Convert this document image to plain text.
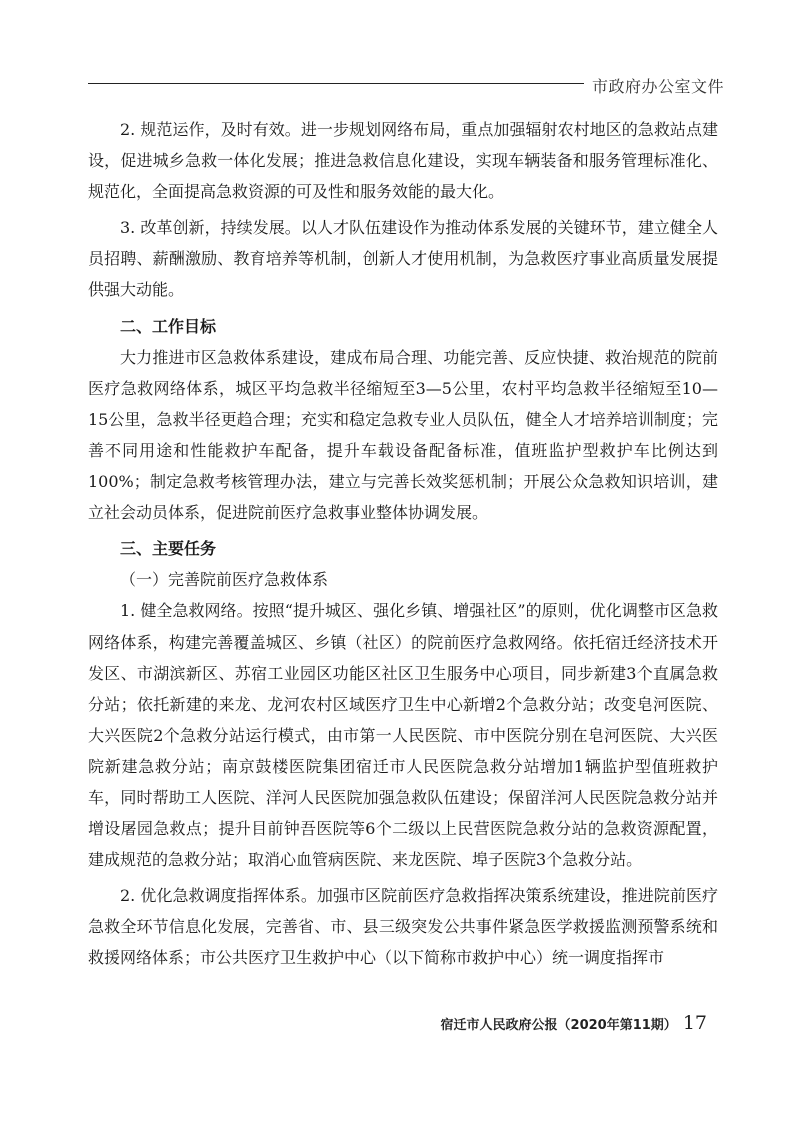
市政府办公室文件

2. 规范运作，及时有效。进一步规划网络布局，重点加强辐射农村地区的急救站点建设，促进城乡急救一体化发展；推进急救信息化建设，实现车辆装备和服务管理标准化、规范化，全面提高急救资源的可及性和服务效能的最大化。

3. 改革创新，持续发展。以人才队伍建设作为推动体系发展的关键环节，建立健全人员招聘、薪酬激励、教育培养等机制，创新人才使用机制，为急救医疗事业高质量发展提供强大动能。

二、工作目标

大力推进市区急救体系建设，建成布局合理、功能完善、反应快捷、救治规范的院前医疗急救网络体系，城区平均急救半径缩短至3—5公里，农村平均急救半径缩短至10—15公里，急救半径更趋合理；充实和稳定急救专业人员队伍，健全人才培养培训制度；完善不同用途和性能救护车配备，提升车载设备配备标准，值班监护型救护车比例达到100%；制定急救考核管理办法，建立与完善长效奖惩机制；开展公众急救知识培训，建立社会动员体系，促进院前医疗急救事业整体协调发展。

三、主要任务

（一）完善院前医疗急救体系

1. 健全急救网络。按照“提升城区、强化乡镇、增强社区”的原则，优化调整市区急救网络体系，构建完善覆盖城区、乡镇（社区）的院前医疗急救网络。依托宿迁经济技术开发区、市湖滨新区、苏宿工业园区功能区社区卫生服务中心项目，同步新建3个直属急救分站；依托新建的来龙、龙河农村区域医疗卫生中心新增2个急救分站；改变皂河医院、大兴医院2个急救分站运行模式，由市第一人民医院、市中医院分别在皂河医院、大兴医院新建急救分站；南京鼓楼医院集团宿迁市人民医院急救分站增加1辆监护型值班救护车，同时帮助工人医院、洋河人民医院加强急救队伍建设；保留洋河人民医院急救分站并增设屠园急救点；提升目前钟吾医院等6个二级以上民营医院急救分站的急救资源配置，建成规范的急救分站；取消心血管病医院、来龙医院、埠子医院3个急救分站。

2. 优化急救调度指挥体系。加强市区院前医疗急救指挥决策系统建设，推进院前医疗急救全环节信息化发展，完善省、市、县三级突发公共事件紧急医学救援监测预警系统和救援网络体系；市公共医疗卫生救护中心（以下简称市救护中心）统一调度指挥市

宿迁市人民政府公报（2020年第11期） 17
